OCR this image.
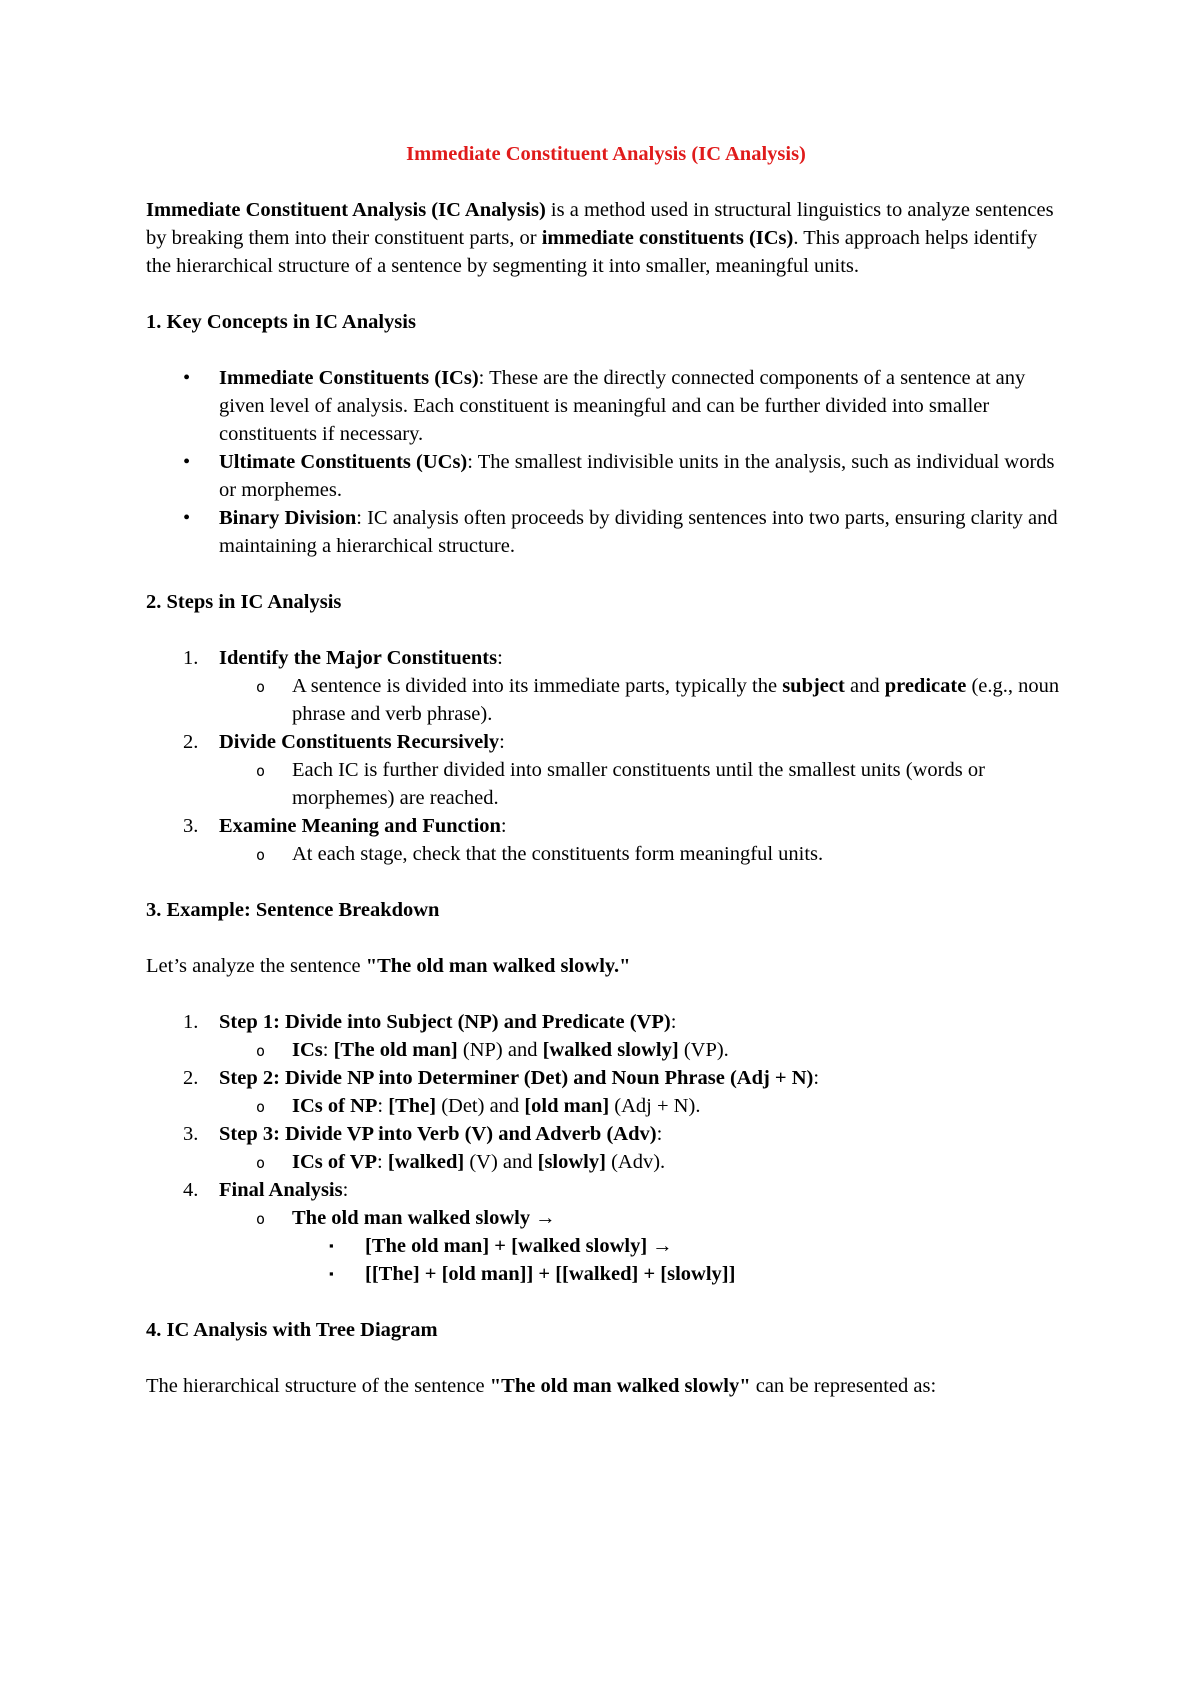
Immediate Constituent Analysis (IC Analysis)

Immediate Constituent Analysis (IC Analysis) is a method used in structural linguistics to analyze sentences by breaking them into their constituent parts, or immediate constituents (ICs). This approach helps identify the hierarchical structure of a sentence by segmenting it into smaller, meaningful units.

1. Key Concepts in IC Analysis

• Immediate Constituents (ICs): These are the directly connected components of a sentence at any given level of analysis. Each constituent is meaningful and can be further divided into smaller constituents if necessary.
• Ultimate Constituents (UCs): The smallest indivisible units in the analysis, such as individual words or morphemes.
• Binary Division: IC analysis often proceeds by dividing sentences into two parts, ensuring clarity and maintaining a hierarchical structure.

2. Steps in IC Analysis

1. Identify the Major Constituents:
o A sentence is divided into its immediate parts, typically the subject and predicate (e.g., noun phrase and verb phrase).
2. Divide Constituents Recursively:
o Each IC is further divided into smaller constituents until the smallest units (words or morphemes) are reached.
3. Examine Meaning and Function:
o At each stage, check that the constituents form meaningful units.

3. Example: Sentence Breakdown

Let’s analyze the sentence "The old man walked slowly."

1. Step 1: Divide into Subject (NP) and Predicate (VP):
o ICs: [The old man] (NP) and [walked slowly] (VP).
2. Step 2: Divide NP into Determiner (Det) and Noun Phrase (Adj + N):
o ICs of NP: [The] (Det) and [old man] (Adj + N).
3. Step 3: Divide VP into Verb (V) and Adverb (Adv):
o ICs of VP: [walked] (V) and [slowly] (Adv).
4. Final Analysis:
o The old man walked slowly →
▪ [The old man] + [walked slowly] →
▪ [[The] + [old man]] + [[walked] + [slowly]]

4. IC Analysis with Tree Diagram

The hierarchical structure of the sentence "The old man walked slowly" can be represented as:
